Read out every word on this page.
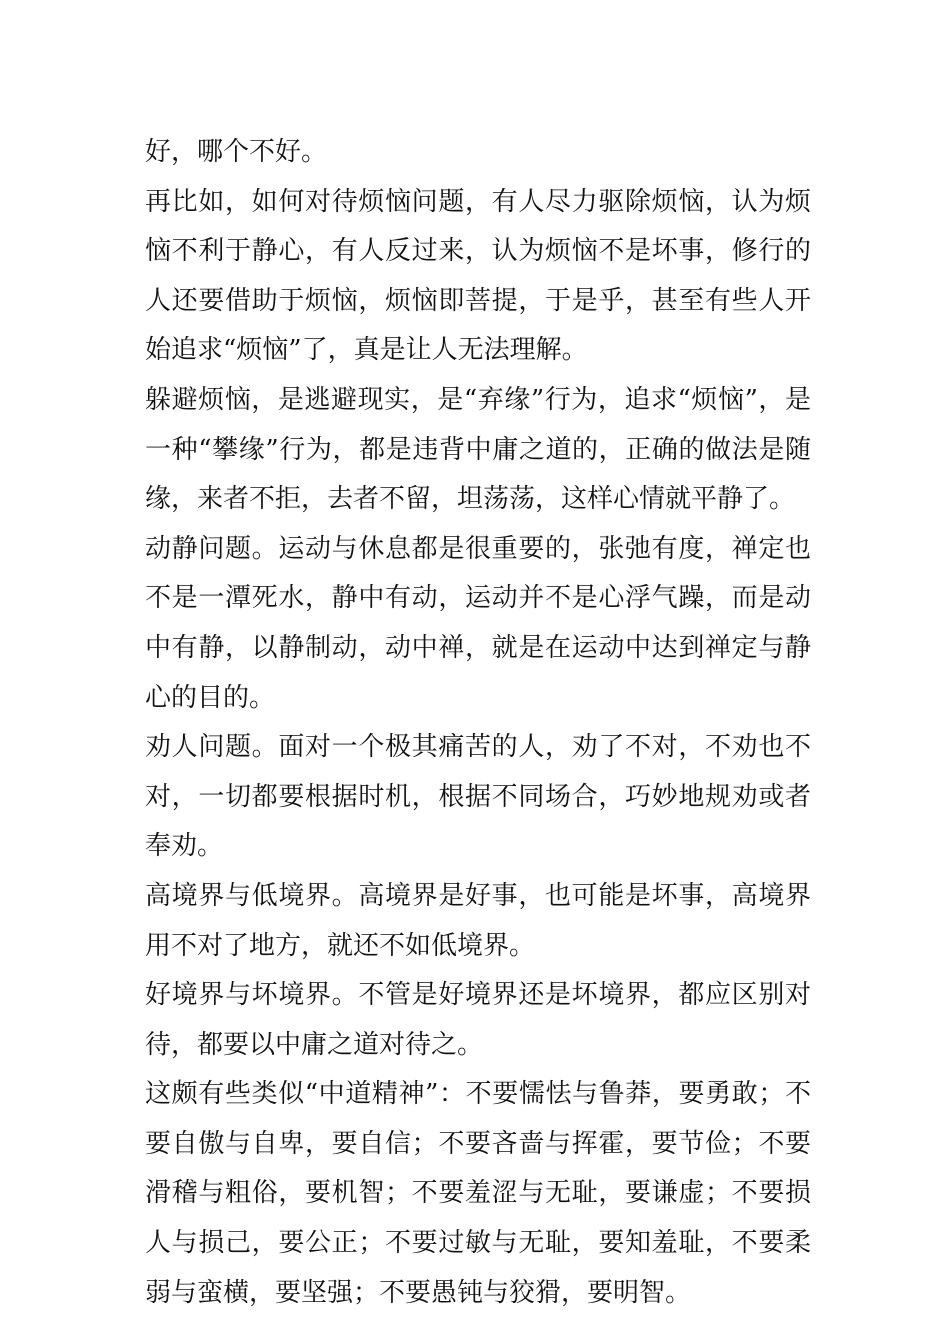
好，哪个不好。

再比如，如何对待烦恼问题，有人尽力驱除烦恼，认为烦恼不利于静心，有人反过来，认为烦恼不是坏事，修行的人还要借助于烦恼，烦恼即菩提，于是乎，甚至有些人开始追求“烦恼”了，真是让人无法理解。

躲避烦恼，是逃避现实，是“弃缘”行为，追求“烦恼”，是一种“攀缘”行为，都是违背中庸之道的，正确的做法是随缘，来者不拒，去者不留，坦荡荡，这样心情就平静了。

动静问题。运动与休息都是很重要的，张弛有度，禅定也不是一潭死水，静中有动，运动并不是心浮气躁，而是动中有静，以静制动，动中禅，就是在运动中达到禅定与静心的目的。

劝人问题。面对一个极其痛苦的人，劝了不对，不劝也不对，一切都要根据时机，根据不同场合，巧妙地规劝或者奉劝。

高境界与低境界。高境界是好事，也可能是坏事，高境界用不对了地方，就还不如低境界。

好境界与坏境界。不管是好境界还是坏境界，都应区别对待，都要以中庸之道对待之。

这颇有些类似“中道精神”：不要懦怯与鲁莽，要勇敢；不要自傲与自卑，要自信；不要吝啬与挥霍，要节俭；不要滑稽与粗俗，要机智；不要羞涩与无耻，要谦虚；不要损人与损己，要公正；不要过敏与无耻，要知羞耻，不要柔弱与蛮横，要坚强；不要愚钝与狡猾，要明智。
